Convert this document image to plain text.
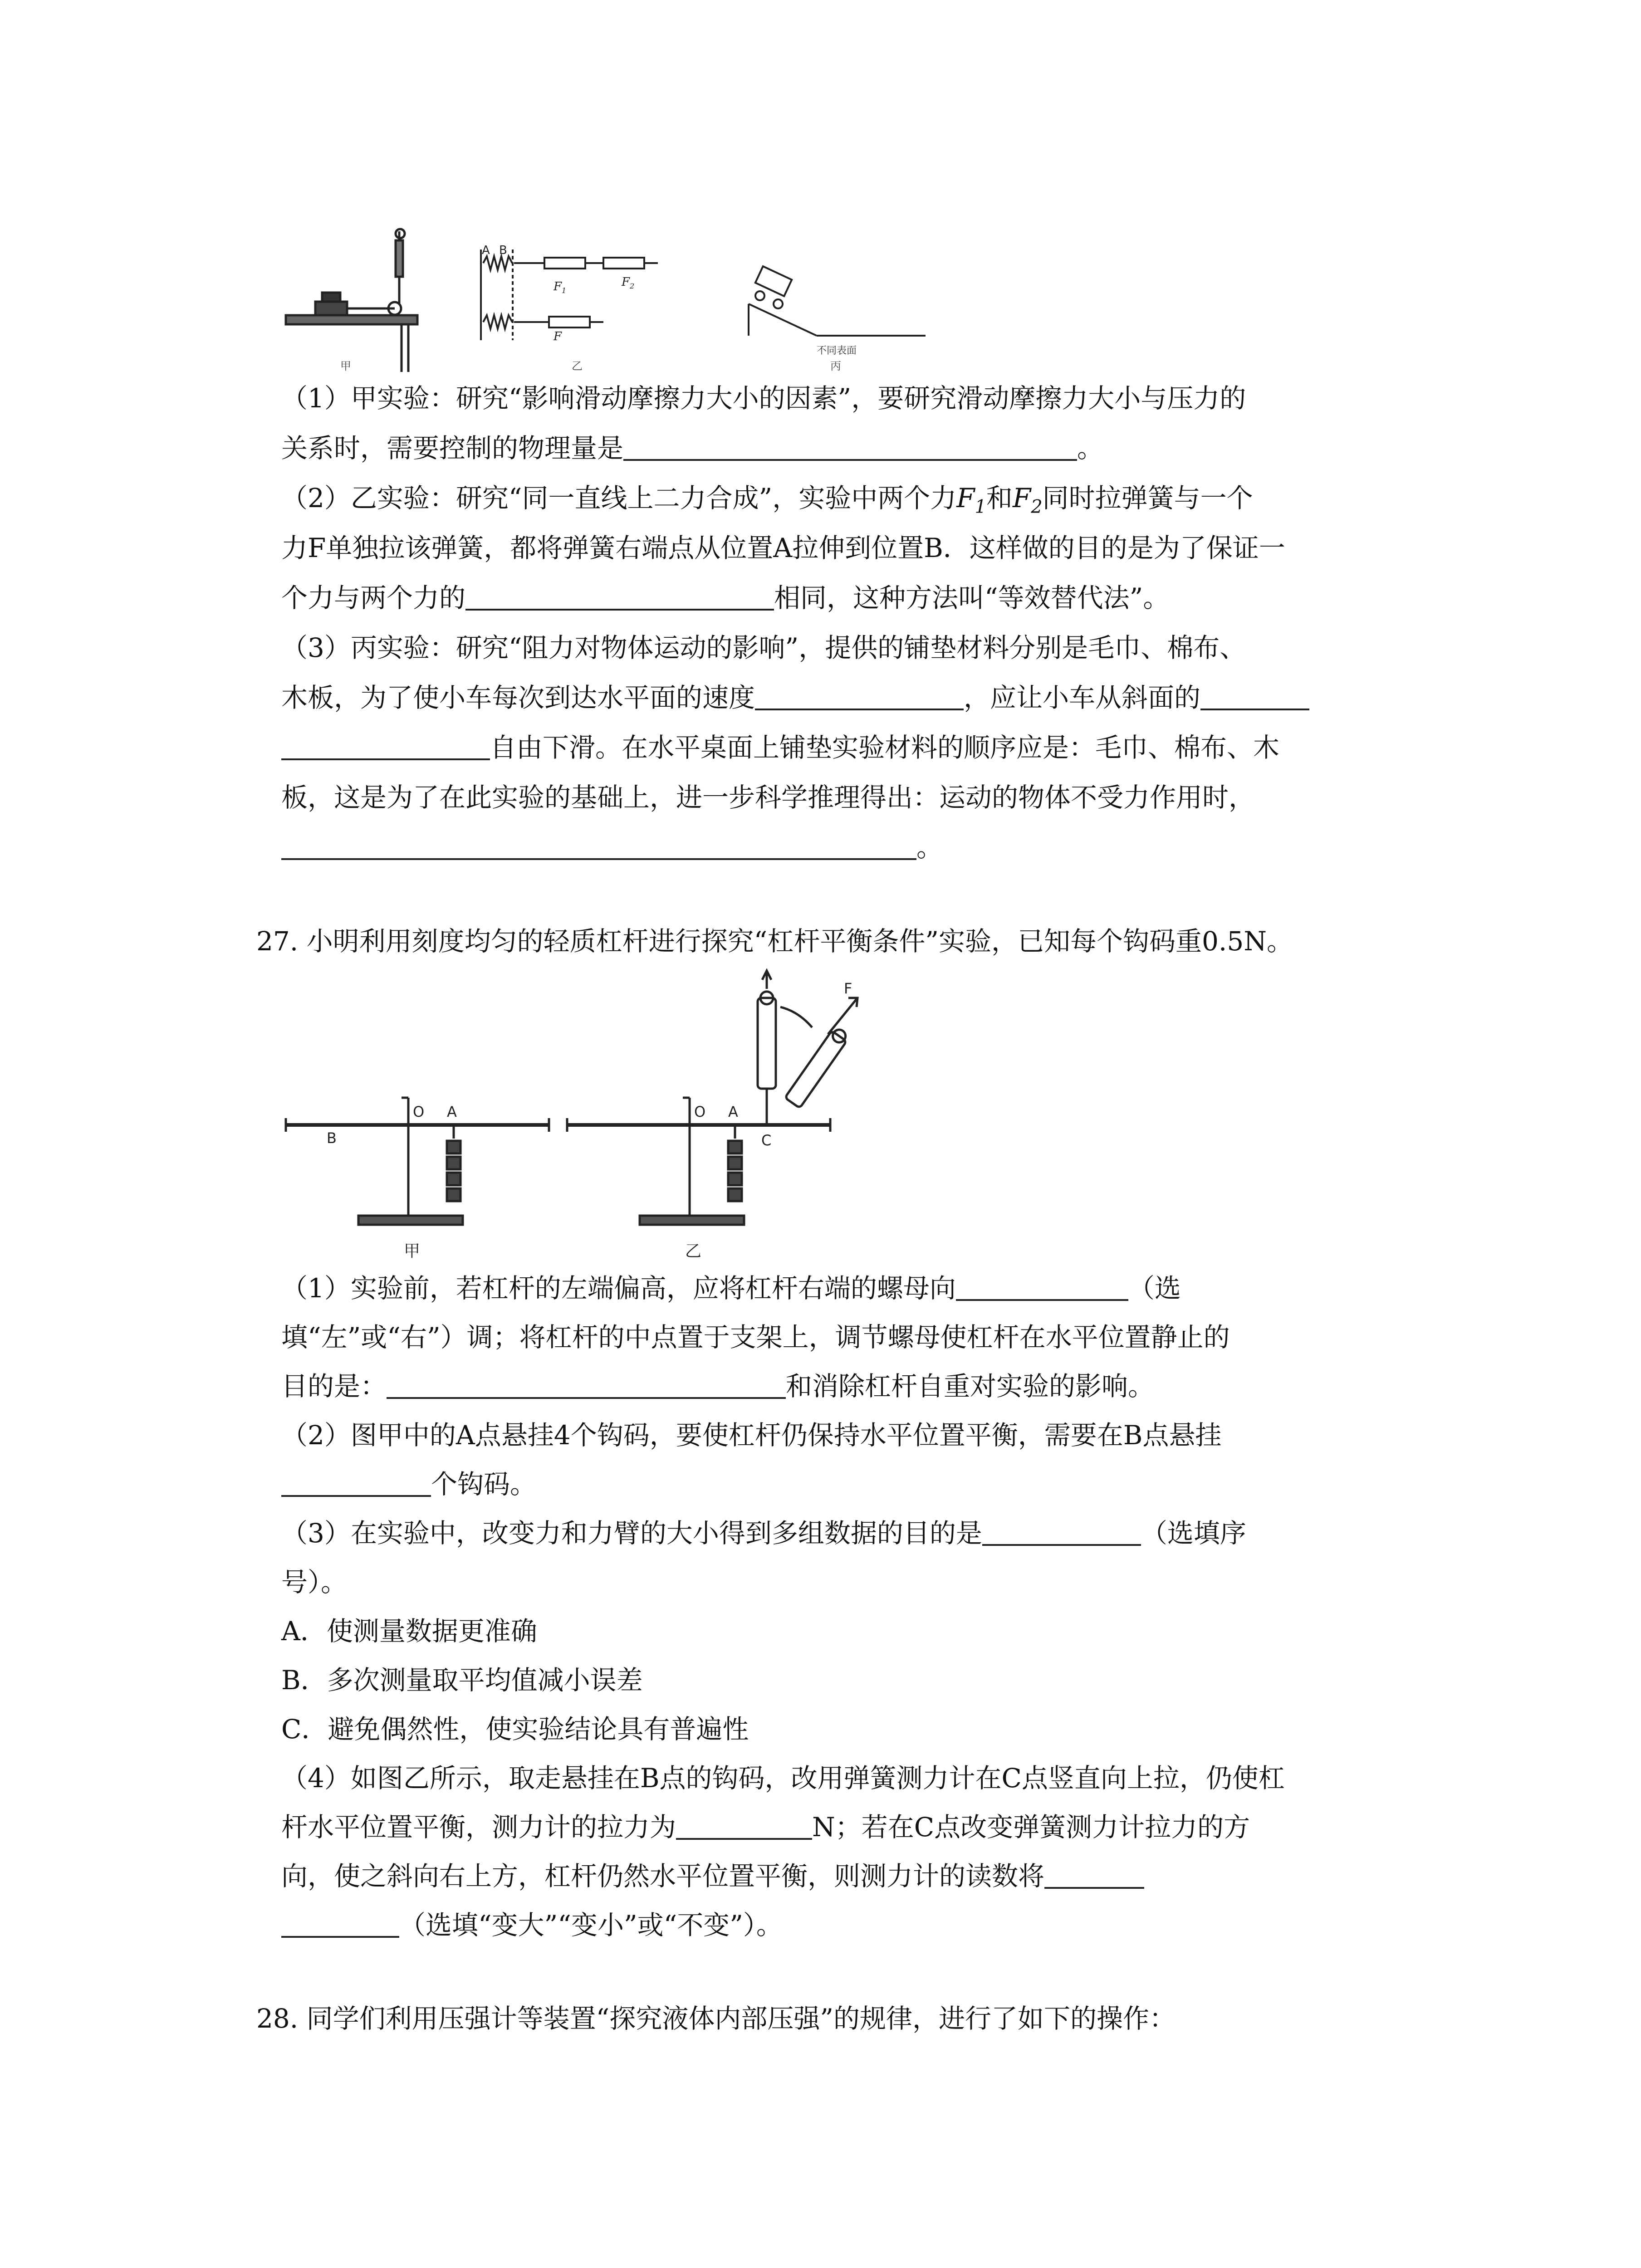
甲
A B
$F_1$
$F_2$
F
乙
不同表面
丙
（1）甲实验：研究“影响滑动摩擦力大小的因素”，要研究滑动摩擦力大小与压力的
关系时，需要控制的物理量是	。
（2）乙实验：研究“同一直线上二力合成”，实验中两个力$F_1$和$F_2$同时拉弹簧与一个
力F单独拉该弹簧，都将弹簧右端点从位置A拉伸到位置B．这样做的目的是为了保证一
个力与两个力的	相同，这种方法叫“等效替代法”。
（3）丙实验：研究“阻力对物体运动的影响”，提供的铺垫材料分别是毛巾、棉布、
木板，为了使小车每次到达水平面的速度	，应让小车从斜面的
自由下滑。在水平桌面上铺垫实验材料的顺序应是：毛巾、棉布、木
板，这是为了在此实验的基础上，进一步科学推理得出：运动的物体不受力作用时，
。
27. 小明利用刻度均匀的轻质杠杆进行探究“杠杆平衡条件”实验，已知每个钩码重0.5N。
O A
B
O A
C
F
甲	乙
（1）实验前，若杠杆的左端偏高，应将杠杆右端的螺母向	（选
填“左”或“右”）调；将杠杆的中点置于支架上，调节螺母使杠杆在水平位置静止的
目的是：	和消除杠杆自重对实验的影响。
（2）图甲中的A点悬挂4个钩码，要使杠杆仍保持水平位置平衡，需要在B点悬挂
个钩码。
（3）在实验中，改变力和力臂的大小得到多组数据的目的是	（选填序
号）。
A．使测量数据更准确
B．多次测量取平均值减小误差
C．避免偶然性，使实验结论具有普遍性
（4）如图乙所示，取走悬挂在B点的钩码，改用弹簧测力计在C点竖直向上拉，仍使杠
杆水平位置平衡，测力计的拉力为	N；若在C点改变弹簧测力计拉力的方
向，使之斜向右上方，杠杆仍然水平位置平衡，则测力计的读数将
（选填“变大”“变小”或“不变”）。
28. 同学们利用压强计等装置“探究液体内部压强”的规律，进行了如下的操作：
